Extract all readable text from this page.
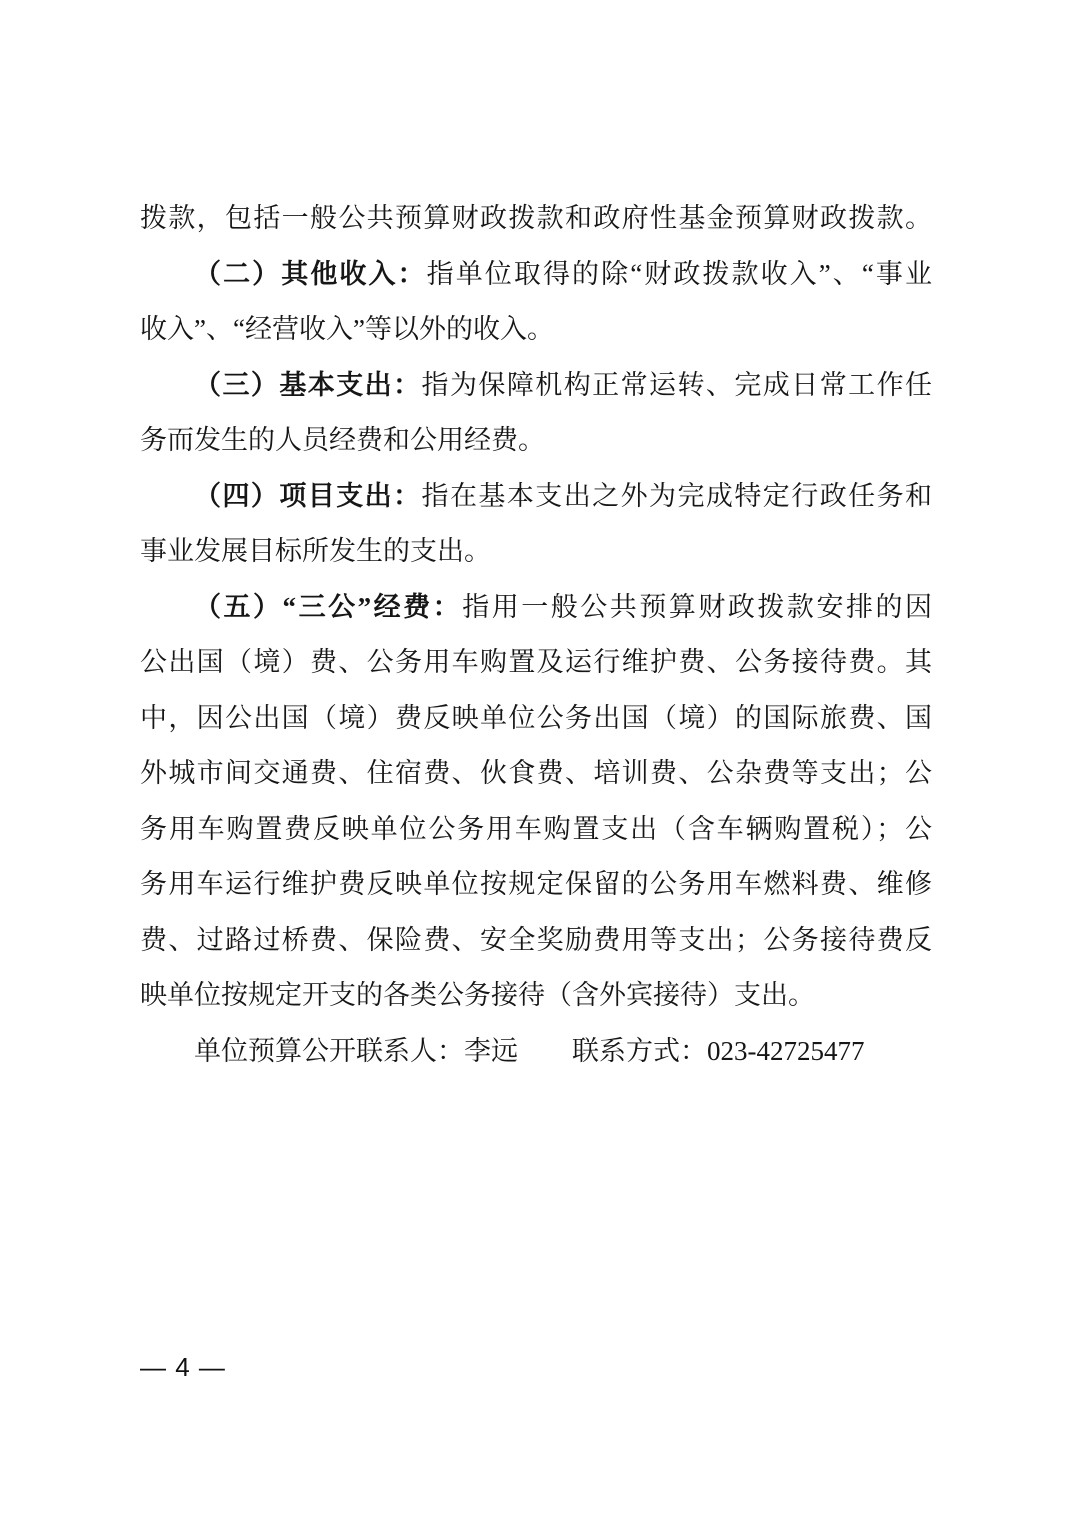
拨款，包括一般公共预算财政拨款和政府性基金预算财政拨款。
（二）其他收入：指单位取得的除“财政拨款收入”、“事业
收入”、“经营收入”等以外的收入。
（三）基本支出：指为保障机构正常运转、完成日常工作任
务而发生的人员经费和公用经费。
（四）项目支出：指在基本支出之外为完成特定行政任务和
事业发展目标所发生的支出。
（五）“三公”经费：指用一般公共预算财政拨款安排的因
公出国（境）费、公务用车购置及运行维护费、公务接待费。其
中，因公出国（境）费反映单位公务出国（境）的国际旅费、国
外城市间交通费、住宿费、伙食费、培训费、公杂费等支出；公
务用车购置费反映单位公务用车购置支出（含车辆购置税）；公
务用车运行维护费反映单位按规定保留的公务用车燃料费、维修
费、过路过桥费、保险费、安全奖励费用等支出；公务接待费反
映单位按规定开支的各类公务接待（含外宾接待）支出。
单位预算公开联系人：李远　　联系方式：023-42725477
— 4 —
